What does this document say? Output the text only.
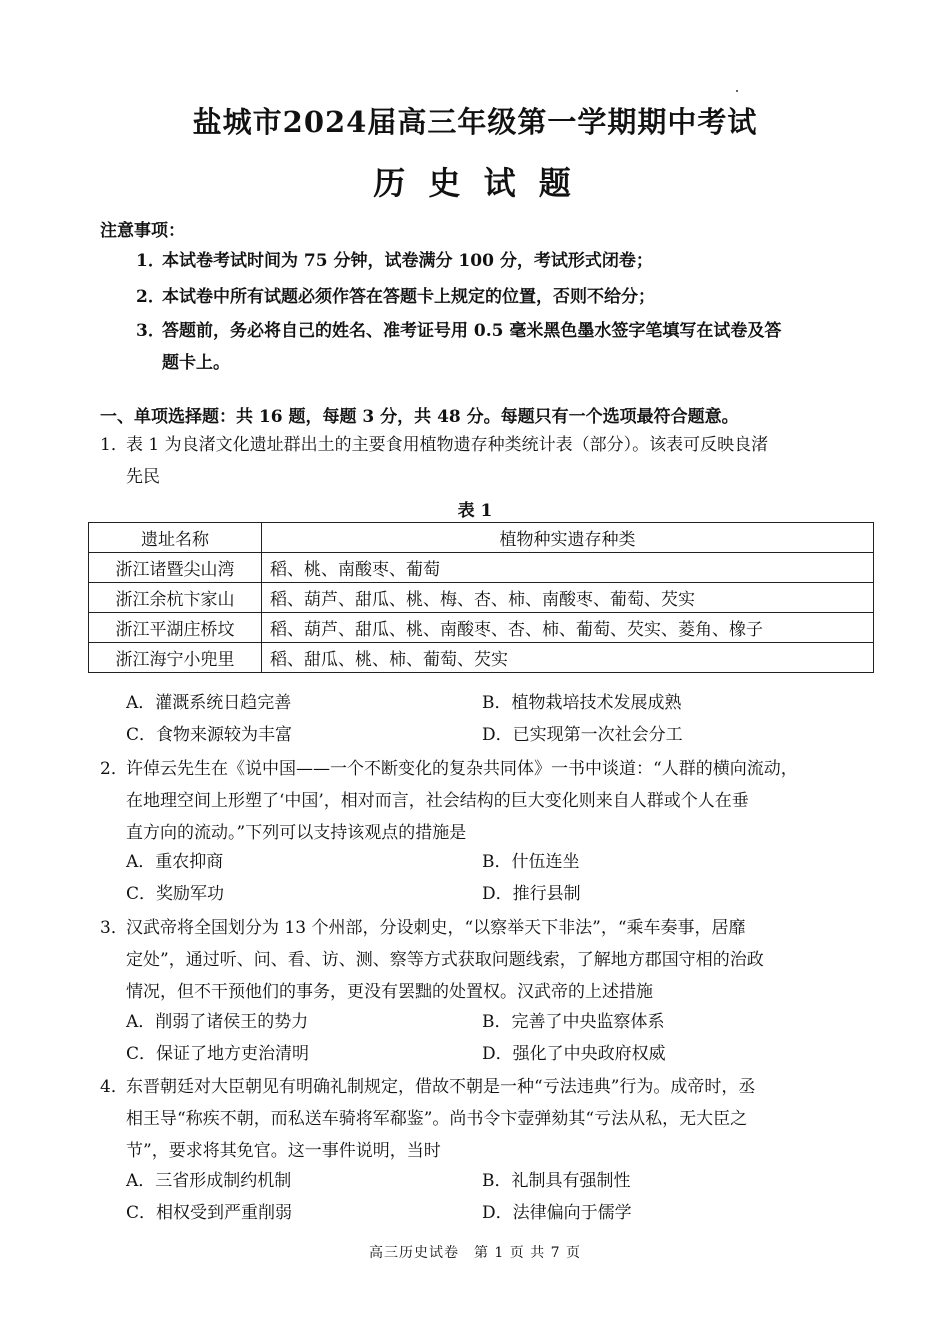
盐城市2024届高三年级第一学期期中考试
历 史 试 题
注意事项：
1．本试卷考试时间为 75 分钟，试卷满分 100 分，考试形式闭卷；
2．本试卷中所有试题必须作答在答题卡上规定的位置，否则不给分；
3．答题前，务必将自己的姓名、准考证号用 0.5 毫米黑色墨水签字笔填写在试卷及答
题卡上。
一、单项选择题：共 16 题，每题 3 分，共 48 分。每题只有一个选项最符合题意。
1．表 1 为良渚文化遗址群出土的主要食用植物遗存种类统计表（部分）。该表可反映良渚
先民
表 1
遗址名称	植物种实遗存种类
浙江诸暨尖山湾	稻、桃、南酸枣、葡萄
浙江余杭卞家山	稻、葫芦、甜瓜、桃、梅、杏、柿、南酸枣、葡萄、芡实
浙江平湖庄桥坟	稻、葫芦、甜瓜、桃、南酸枣、杏、柿、葡萄、芡实、菱角、橡子
浙江海宁小兜里	稻、甜瓜、桃、柿、葡萄、芡实
A．灌溉系统日趋完善	B．植物栽培技术发展成熟
C．食物来源较为丰富	D．已实现第一次社会分工
2．许倬云先生在《说中国——一个不断变化的复杂共同体》一书中谈道：“人群的横向流动，
在地理空间上形塑了‘中国’，相对而言，社会结构的巨大变化则来自人群或个人在垂
直方向的流动。”下列可以支持该观点的措施是
A．重农抑商	B．什伍连坐
C．奖励军功	D．推行县制
3．汉武帝将全国划分为 13 个州部，分设刺史，“以察举天下非法”，“乘车奏事，居靡
定处”，通过听、问、看、访、测、察等方式获取问题线索，了解地方郡国守相的治政
情况，但不干预他们的事务，更没有罢黜的处置权。汉武帝的上述措施
A．削弱了诸侯王的势力	B．完善了中央监察体系
C．保证了地方吏治清明	D．强化了中央政府权威
4．东晋朝廷对大臣朝见有明确礼制规定，借故不朝是一种“亏法违典”行为。成帝时，丞
相王导“称疾不朝，而私送车骑将军郗鉴”。尚书令卞壸弹劾其“亏法从私，无大臣之
节”，要求将其免官。这一事件说明，当时
A．三省形成制约机制	B．礼制具有强制性
C．相权受到严重削弱	D．法律偏向于儒学
高三历史试卷　第 1 页 共 7 页
